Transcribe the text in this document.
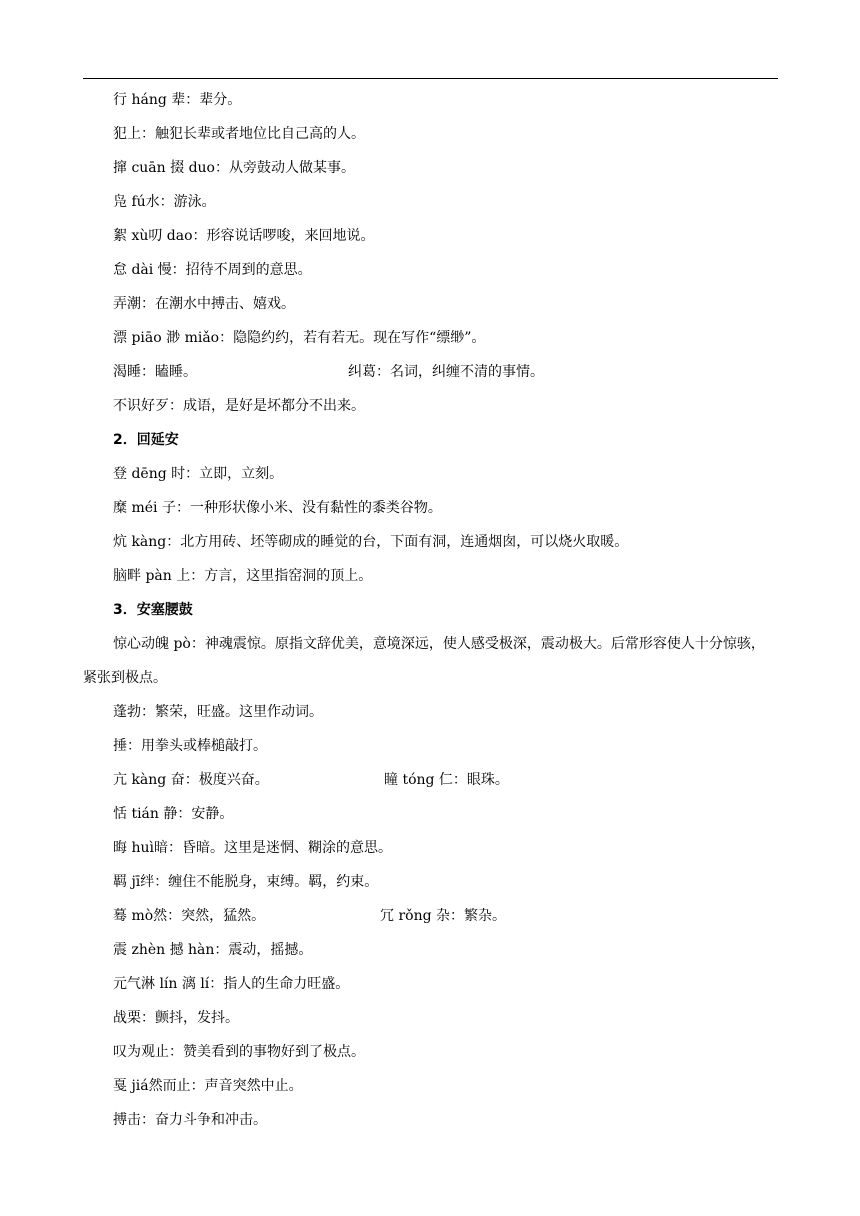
行 háng 辈：辈分。
犯上：触犯长辈或者地位比自己高的人。
撺 cuān 掇 duo：从旁鼓动人做某事。
凫 fú水：游泳。
絮 xù叨 dao：形容说话啰唆，来回地说。
怠 dài 慢：招待不周到的意思。
弄潮：在潮水中搏击、嬉戏。
漂 piāo 渺 miǎo：隐隐约约，若有若无。现在写作“缥缈”。
渴睡：瞌睡。	纠葛：名词，纠缠不清的事情。
不识好歹：成语，是好是坏都分不出来。
2．回延安
登 dēng 时：立即，立刻。
糜 méi 子：一种形状像小米、没有黏性的黍类谷物。
炕 kàng：北方用砖、坯等砌成的睡觉的台，下面有洞，连通烟囱，可以烧火取暖。
脑畔 pàn 上：方言，这里指窑洞的顶上。
3．安塞腰鼓
惊心动魄 pò：神魂震惊。原指文辞优美，意境深远，使人感受极深，震动极大。后常形容使人十分惊骇，紧张到极点。
蓬勃：繁荣，旺盛。这里作动词。
捶：用拳头或棒槌敲打。
亢 kàng 奋：极度兴奋。	瞳 tóng 仁：眼珠。
恬 tián 静：安静。
晦 huì暗：昏暗。这里是迷惘、糊涂的意思。
羁 jī绊：缠住不能脱身，束缚。羁，约束。
蓦 mò然：突然，猛然。	冗 rǒng 杂：繁杂。
震 zhèn 撼 hàn：震动，摇撼。
元气淋 lín 漓 lí：指人的生命力旺盛。
战栗：颤抖，发抖。
叹为观止：赞美看到的事物好到了极点。
戛 jiá然而止：声音突然中止。
搏击：奋力斗争和冲击。
